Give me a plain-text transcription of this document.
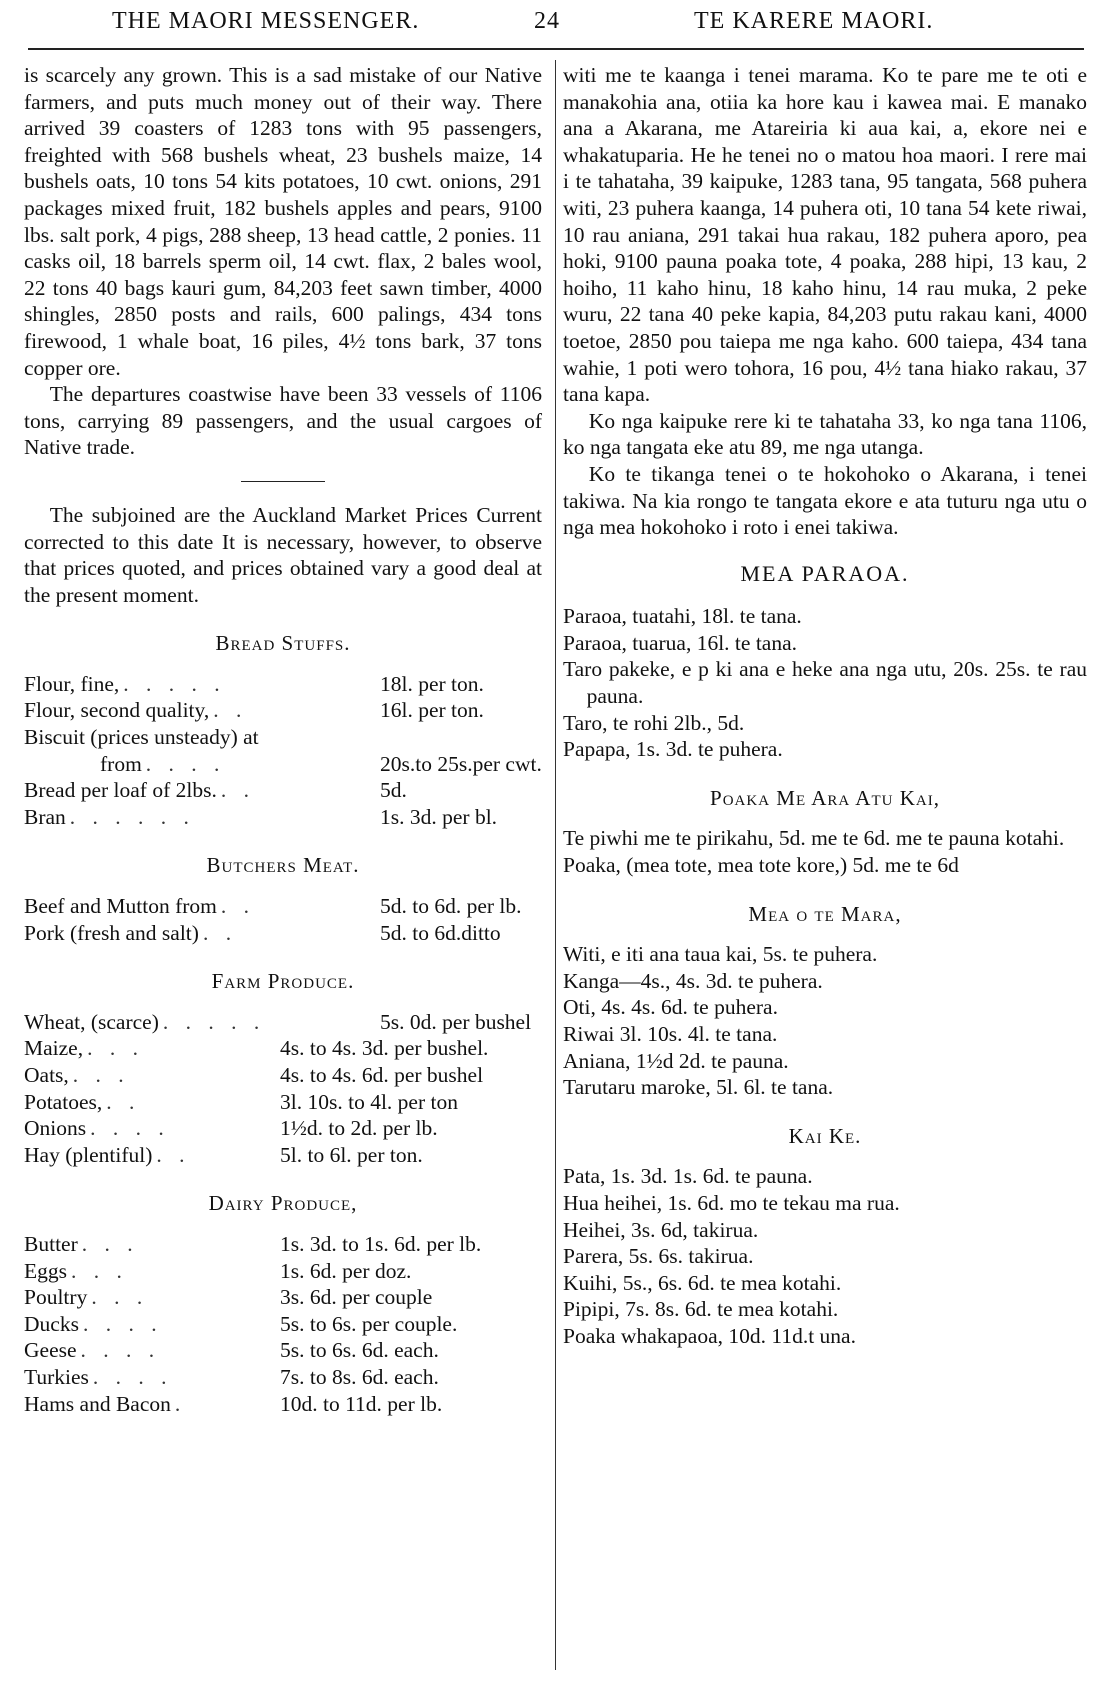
THE MAORI MESSENGER.	24	TE KARERE MAORI.

is scarcely any grown. This is a sad mistake of our Native farmers, and puts much money out of their way. There arrived 39 coasters of 1283 tons with 95 passengers, freighted with 568 bushels wheat, 23 bushels maize, 14 bushels oats, 10 tons 54 kits potatoes, 10 cwt. onions, 291 packages mixed fruit, 182 bushels apples and pears, 9100 lbs. salt pork, 4 pigs, 288 sheep, 13 head cattle, 2 ponies. 11 casks oil, 18 barrels sperm oil, 14 cwt. flax, 2 bales wool, 22 tons 40 bags kauri gum, 84,203 feet sawn timber, 4000 shingles, 2850 posts and rails, 600 palings, 434 tons firewood, 1 whale boat, 16 piles, 4½ tons bark, 37 tons copper ore.

The departures coastwise have been 33 vessels of 1106 tons, carrying 89 passengers, and the usual cargoes of Native trade.

The subjoined are the Auckland Market Prices Current corrected to this date It is necessary, however, to observe that prices quoted, and prices obtained vary a good deal at the present moment.

Bread Stuffs.
Flour, fine, . . . . .	18l. per ton.
Flour, second quality, . .	16l. per ton.
Biscuit (prices unsteady) at
from . . . .	20s.to 25s.per cwt.
Bread per loaf of 2lbs. . .	5d.
Bran . . . . . .	1s. 3d. per bl.
Butchers Meat.
Beef and Mutton from . .	5d. to 6d. per lb.
Pork (fresh and salt) . .	5d. to 6d.ditto
Farm Produce.
Wheat, (scarce) . . . . .	5s. 0d. per bushel
Maize, . . .	4s. to 4s. 3d. per bushel.
Oats, . . .	4s. to 4s. 6d. per bushel
Potatoes, . .	3l. 10s. to 4l. per ton
Onions . . . .	1½d. to 2d. per lb.
Hay (plentiful) . .	5l. to 6l. per ton.
Dairy Produce,
Butter . . .	1s. 3d. to 1s. 6d. per lb.
Eggs . . .	1s. 6d. per doz.
Poultry . . .	3s. 6d. per couple
Ducks . . . .	5s. to 6s. per couple.
Geese . . . .	5s. to 6s. 6d. each.
Turkies . . . .	7s. to 8s. 6d. each.
Hams and Bacon .	10d. to 11d. per lb.

witi me te kaanga i tenei marama. Ko te pare me te oti e manakohia ana, otiia ka hore kau i kawea mai. E manako ana a Akarana, me Atareiria ki aua kai, a, ekore nei e whakatuparia. He he tenei no o matou hoa maori. I rere mai i te tahataha, 39 kaipuke, 1283 tana, 95 tangata, 568 puhera witi, 23 puhera kaanga, 14 puhera oti, 10 tana 54 kete riwai, 10 rau aniana, 291 takai hua rakau, 182 puhera aporo, pea hoki, 9100 pauna poaka tote, 4 poaka, 288 hipi, 13 kau, 2 hoiho, 11 kaho hinu, 18 kaho hinu, 14 rau muka, 2 peke wuru, 22 tana 40 peke kapia, 84,203 putu rakau kani, 4000 toetoe, 2850 pou taiepa me nga kaho. 600 taiepa, 434 tana wahie, 1 poti wero tohora, 16 pou, 4½ tana hiako rakau, 37 tana kapa.

Ko nga kaipuke rere ki te tahataha 33, ko nga tana 1106, ko nga tangata eke atu 89, me nga utanga.

Ko te tikanga tenei o te hokohoko o Akarana, i tenei takiwa. Na kia rongo te tangata ekore e ata tuturu nga utu o nga mea hokohoko i roto i enei takiwa.

MEA PARAOA.

Paraoa, tuatahi, 18l. te tana.

Paraoa, tuarua, 16l. te tana.

Taro pakeke, e p ki ana e heke ana nga utu, 20s. 25s. te rau pauna.

Taro, te rohi 2lb., 5d.

Papapa, 1s. 3d. te puhera.

Poaka Me Ara Atu Kai,

Te piwhi me te pirikahu, 5d. me te 6d. me te pauna kotahi.

Poaka, (mea tote, mea tote kore,) 5d. me te 6d

Mea o te Mara,

Witi, e iti ana taua kai, 5s. te puhera.

Kanga—4s., 4s. 3d. te puhera.

Oti, 4s. 4s. 6d. te puhera.

Riwai 3l. 10s. 4l. te tana.

Aniana, 1½d 2d. te pauna.

Tarutaru maroke, 5l. 6l. te tana.

Kai Ke.

Pata, 1s. 3d. 1s. 6d. te pauna.

Hua heihei, 1s. 6d. mo te tekau ma rua.

Heihei, 3s. 6d, takirua.

Parera, 5s. 6s. takirua.

Kuihi, 5s., 6s. 6d. te mea kotahi.

Pipipi, 7s. 8s. 6d. te mea kotahi.

Poaka whakapaoa, 10d. 11d.t una.
